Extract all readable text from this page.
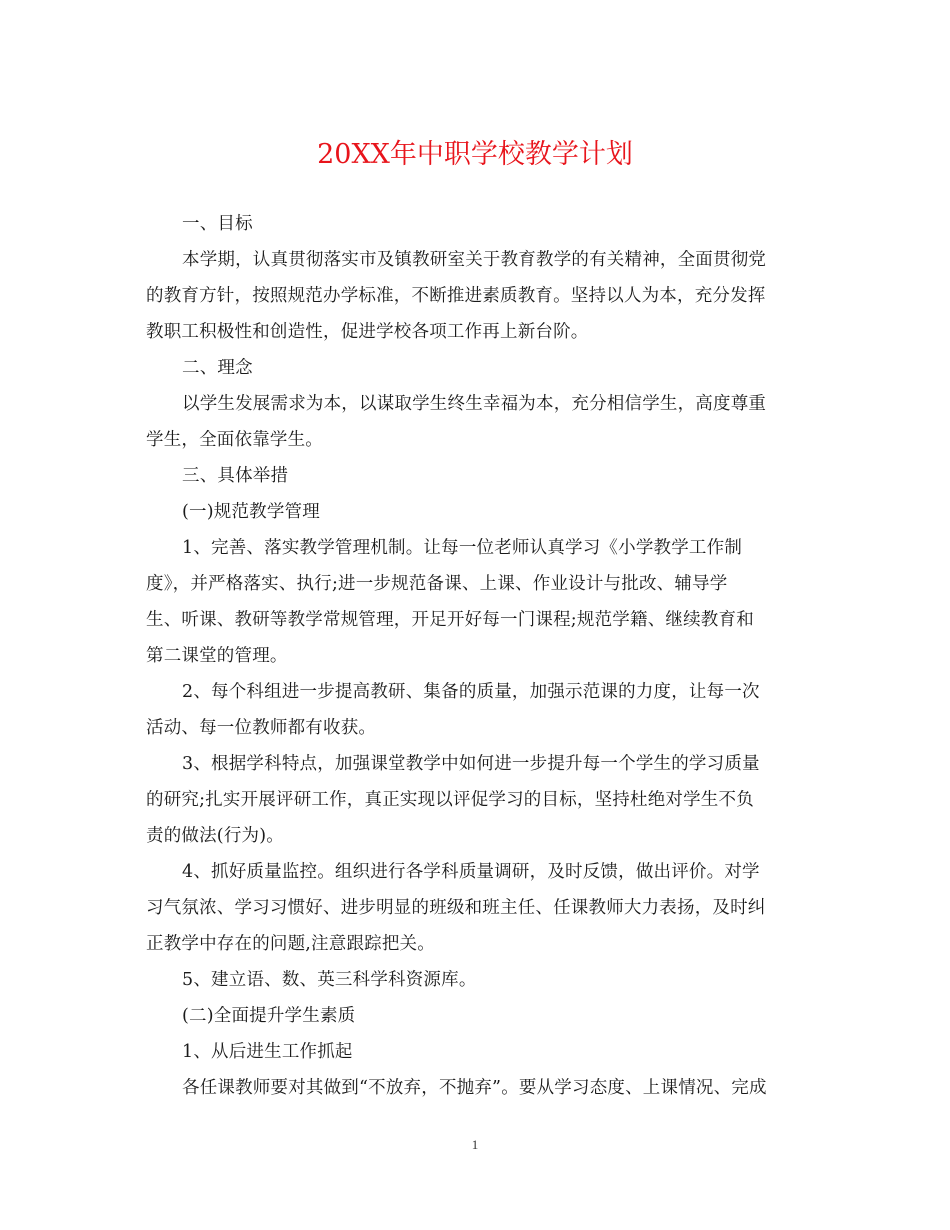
20XX年中职学校教学计划

一、目标

本学期，认真贯彻落实市及镇教研室关于教育教学的有关精神，全面贯彻党

的教育方针，按照规范办学标准，不断推进素质教育。坚持以人为本，充分发挥

教职工积极性和创造性，促进学校各项工作再上新台阶。

二、理念

以学生发展需求为本，以谋取学生终生幸福为本，充分相信学生，高度尊重

学生，全面依靠学生。

三、具体举措

(一)规范教学管理

1、完善、落实教学管理机制。让每一位老师认真学习《小学教学工作制

度》，并严格落实、执行;进一步规范备课、上课、作业设计与批改、辅导学

生、听课、教研等教学常规管理，开足开好每一门课程;规范学籍、继续教育和

第二课堂的管理。

2、每个科组进一步提高教研、集备的质量，加强示范课的力度，让每一次

活动、每一位教师都有收获。

3、根据学科特点，加强课堂教学中如何进一步提升每一个学生的学习质量

的研究;扎实开展评研工作，真正实现以评促学习的目标，坚持杜绝对学生不负

责的做法(行为)。

4、抓好质量监控。组织进行各学科质量调研，及时反馈，做出评价。对学

习气氛浓、学习习惯好、进步明显的班级和班主任、任课教师大力表扬，及时纠

正教学中存在的问题,注意跟踪把关。

5、建立语、数、英三科学科资源库。

(二)全面提升学生素质

1、从后进生工作抓起

各任课教师要对其做到“不放弃，不抛弃”。要从学习态度、上课情况、完成

1
